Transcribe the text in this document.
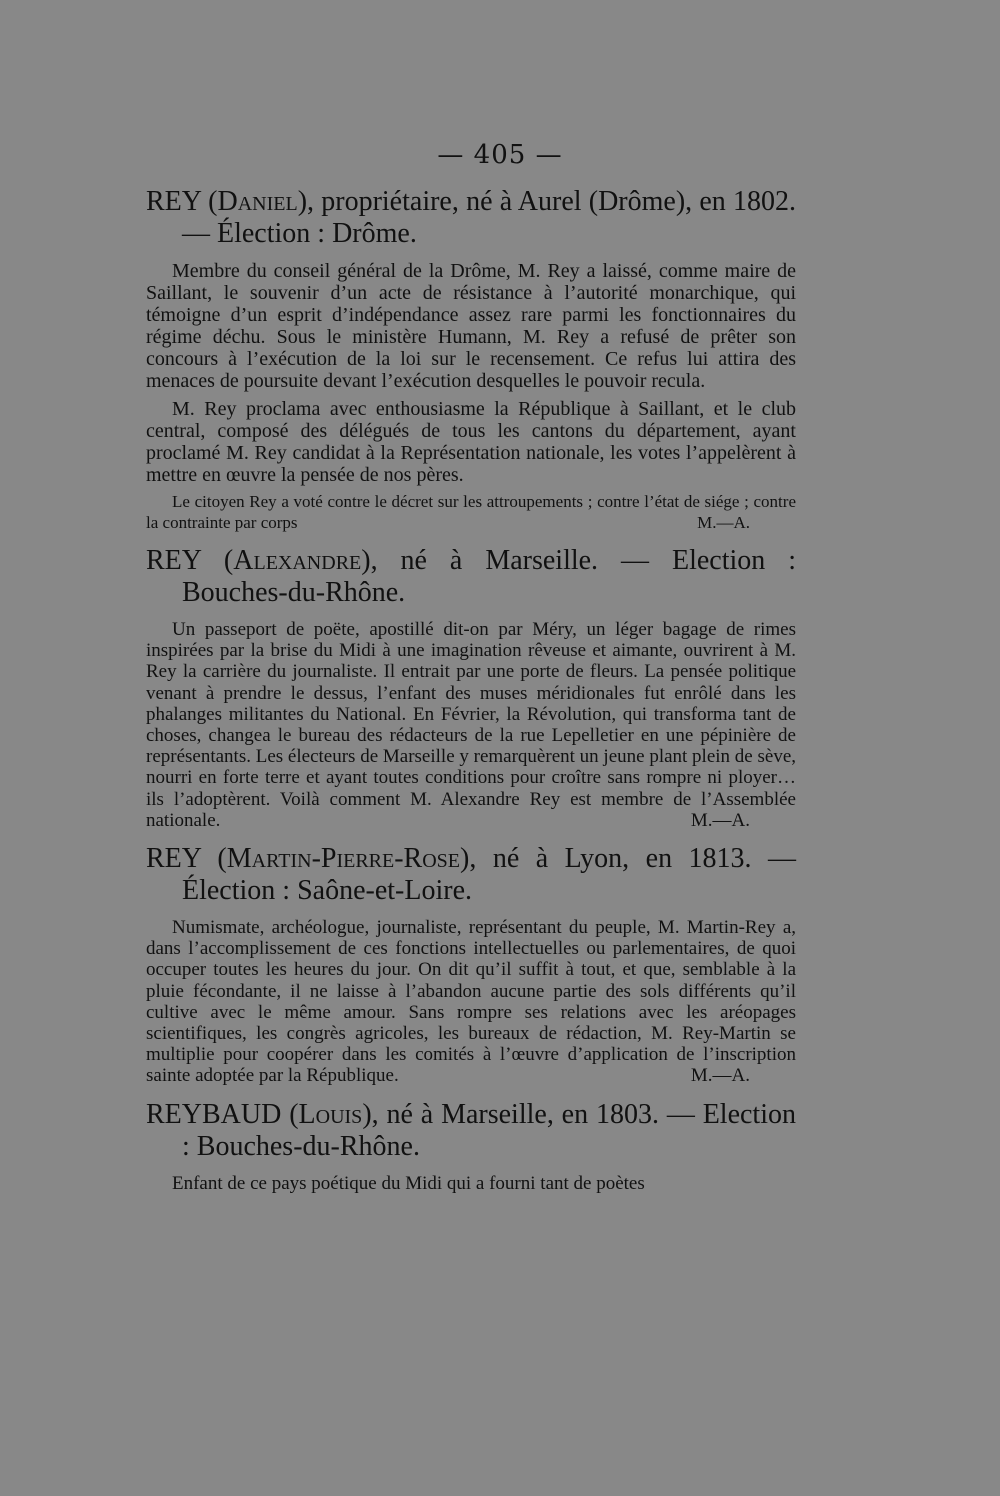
— 405 —

REY (Daniel), propriétaire, né à Aurel (Drôme), en 1802. — Élection : Drôme.

Membre du conseil général de la Drôme, M. Rey a laissé, comme maire de Saillant, le souvenir d’un acte de résistance à l’autorité monarchique, qui témoigne d’un esprit d’indépendance assez rare parmi les fonctionnaires du régime déchu. Sous le ministère Humann, M. Rey a refusé de prêter son concours à l’exécution de la loi sur le recensement. Ce refus lui attira des menaces de poursuite devant l’exécution desquelles le pouvoir recula.

M. Rey proclama avec enthousiasme la République à Saillant, et le club central, composé des délégués de tous les cantons du département, ayant proclamé M. Rey candidat à la Représentation nationale, les votes l’appelèrent à mettre en œuvre la pensée de nos pères.

Le citoyen Rey a voté contre le décret sur les attroupements ; contre l’état de siége ; contre la contrainte par corps	M.—A.

REY (Alexandre), né à Marseille. — Election : Bouches-du-Rhône.

Un passeport de poëte, apostillé dit-on par Méry, un léger bagage de rimes inspirées par la brise du Midi à une imagination rêveuse et aimante, ouvrirent à M. Rey la carrière du journaliste. Il entrait par une porte de fleurs. La pensée politique venant à prendre le dessus, l’enfant des muses méridionales fut enrôlé dans les phalanges militantes du National. En Février, la Révolution, qui transforma tant de choses, changea le bureau des rédacteurs de la rue Lepelletier en une pépinière de représentants. Les électeurs de Marseille y remarquèrent un jeune plant plein de sève, nourri en forte terre et ayant toutes conditions pour croître sans rompre ni ployer… ils l’adoptèrent. Voilà comment M. Alexandre Rey est membre de l’Assemblée nationale.	M.—A.

REY (Martin-Pierre-Rose), né à Lyon, en 1813. — Élection : Saône-et-Loire.

Numismate, archéologue, journaliste, représentant du peuple, M. Martin-Rey a, dans l’accomplissement de ces fonctions intellectuelles ou parlementaires, de quoi occuper toutes les heures du jour. On dit qu’il suffit à tout, et que, semblable à la pluie fécondante, il ne laisse à l’abandon aucune partie des sols différents qu’il cultive avec le même amour. Sans rompre ses relations avec les aréopages scientifiques, les congrès agricoles, les bureaux de rédaction, M. Rey-Martin se multiplie pour coopérer dans les comités à l’œuvre d’application de l’inscription sainte adoptée par la République.	M.—A.

REYBAUD (Louis), né à Marseille, en 1803. — Election : Bouches-du-Rhône.

Enfant de ce pays poétique du Midi qui a fourni tant de poètes
